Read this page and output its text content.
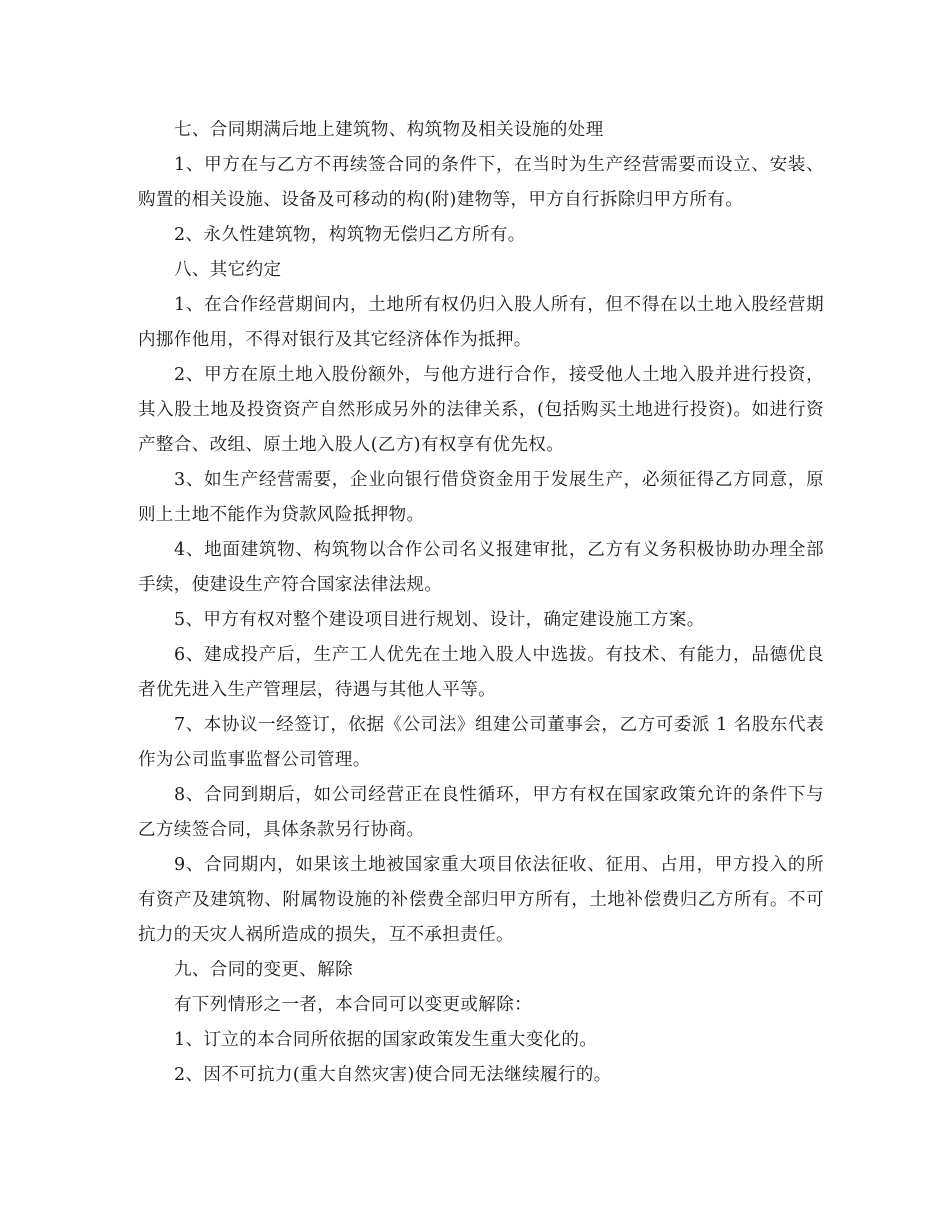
七、合同期满后地上建筑物、构筑物及相关设施的处理

1、甲方在与乙方不再续签合同的条件下，在当时为生产经营需要而设立、安装、购置的相关设施、设备及可移动的构(附)建物等，甲方自行拆除归甲方所有。

2、永久性建筑物，构筑物无偿归乙方所有。

八、其它约定

1、在合作经营期间内，土地所有权仍归入股人所有，但不得在以土地入股经营期内挪作他用，不得对银行及其它经济体作为抵押。

2、甲方在原土地入股份额外，与他方进行合作，接受他人土地入股并进行投资，其入股土地及投资资产自然形成另外的法律关系，(包括购买土地进行投资)。如进行资产整合、改组、原土地入股人(乙方)有权享有优先权。

3、如生产经营需要，企业向银行借贷资金用于发展生产，必须征得乙方同意，原则上土地不能作为贷款风险抵押物。

4、地面建筑物、构筑物以合作公司名义报建审批，乙方有义务积极协助办理全部手续，使建设生产符合国家法律法规。

5、甲方有权对整个建设项目进行规划、设计，确定建设施工方案。

6、建成投产后，生产工人优先在土地入股人中选拔。有技术、有能力，品德优良者优先进入生产管理层，待遇与其他人平等。

7、本协议一经签订，依据《公司法》组建公司董事会，乙方可委派 1 名股东代表作为公司监事监督公司管理。

8、合同到期后，如公司经营正在良性循环，甲方有权在国家政策允许的条件下与乙方续签合同，具体条款另行协商。

9、合同期内，如果该土地被国家重大项目依法征收、征用、占用，甲方投入的所有资产及建筑物、附属物设施的补偿费全部归甲方所有，土地补偿费归乙方所有。不可抗力的天灾人祸所造成的损失，互不承担责任。

九、合同的变更、解除

有下列情形之一者，本合同可以变更或解除：

1、订立的本合同所依据的国家政策发生重大变化的。

2、因不可抗力(重大自然灾害)使合同无法继续履行的。
